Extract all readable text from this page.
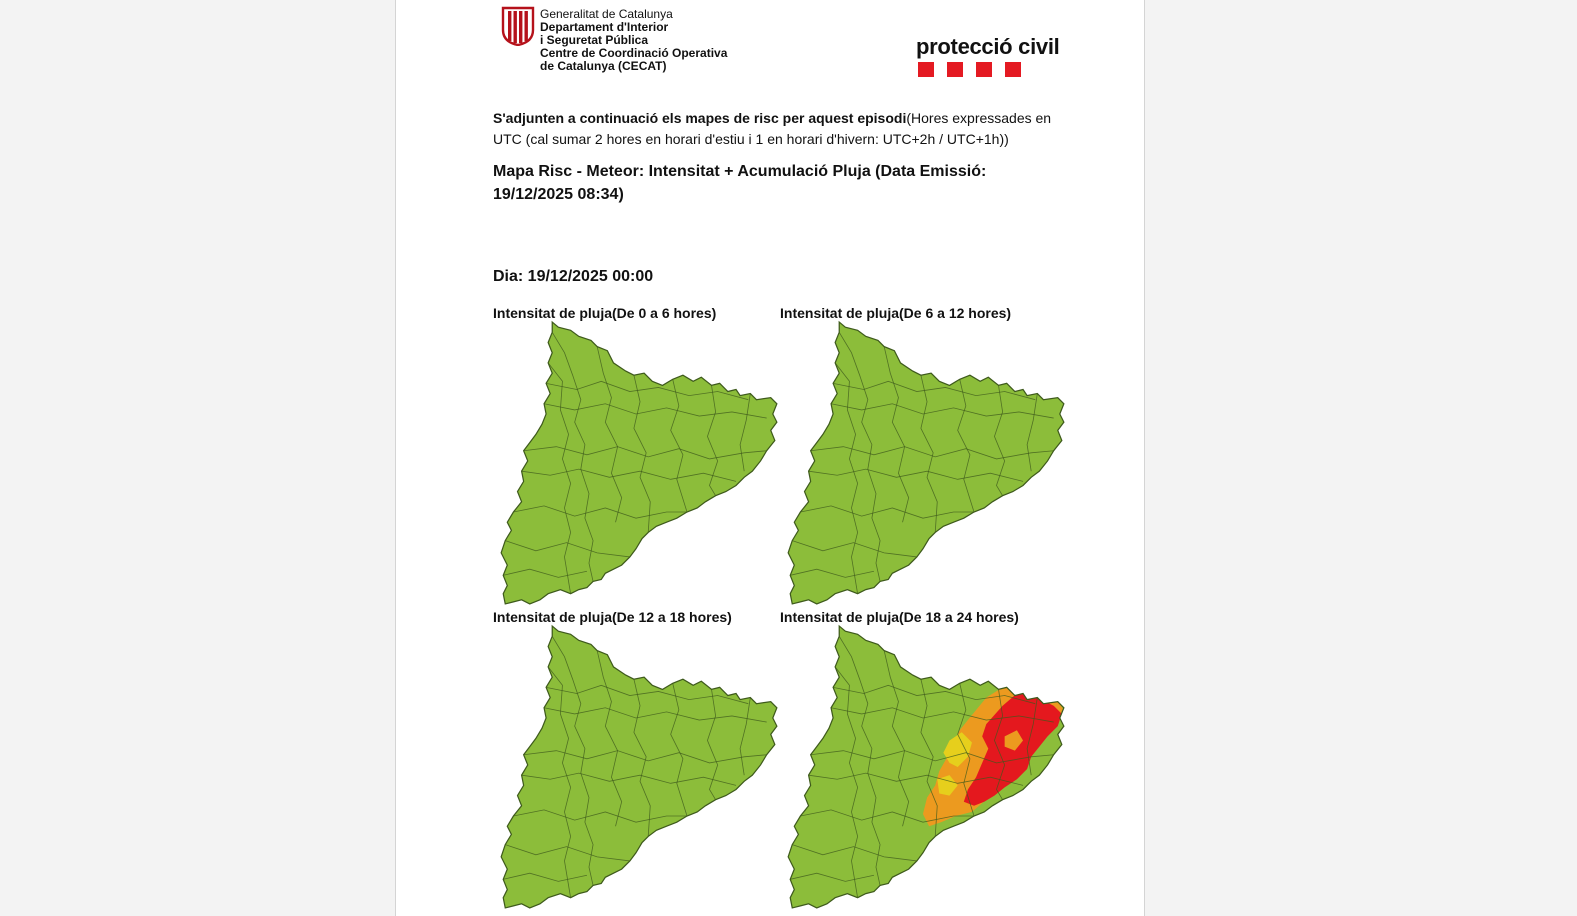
Generalitat de Catalunya
Departament d'Interior
i Seguretat Pública
Centre de Coordinació Operativa
de Catalunya (CECAT)
protecció civil
S'adjunten a continuació els mapes de risc per aquest episodi(Hores expressades en UTC (cal sumar 2 hores en horari d'estiu i 1 en horari d'hivern: UTC+2h / UTC+1h))
Mapa Risc - Meteor: Intensitat + Acumulació Pluja (Data Emissió: 19/12/2025 08:34)
Dia: 19/12/2025 00:00
Intensitat de pluja(De 0 a 6 hores)	Intensitat de pluja(De 6 a 12 hores)
Intensitat de pluja(De 12 a 18 hores)	Intensitat de pluja(De 18 a 24 hores)
